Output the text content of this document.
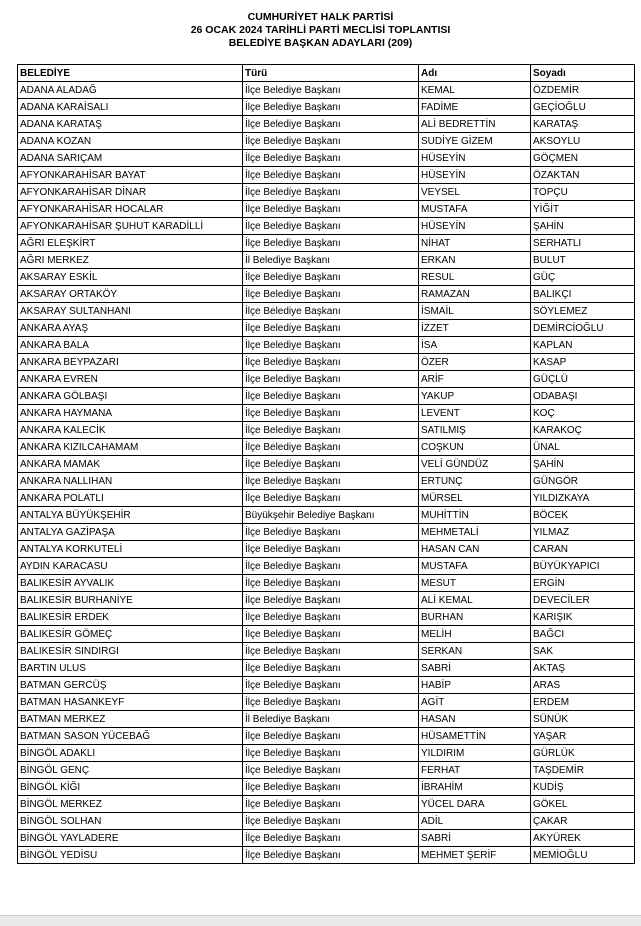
CUMHURİYET HALK PARTİSİ
26 OCAK 2024 TARİHLİ PARTİ MECLİSİ TOPLANTISI
BELEDİYE BAŞKAN ADAYLARI (209)
BELEDİYE	Türü	Adı	Soyadı
ADANA ALADAĞ	İlçe Belediye Başkanı	KEMAL	ÖZDEMİR
ADANA KARAİSALI	İlçe Belediye Başkanı	FADİME	GEÇİOĞLU
ADANA KARATAŞ	İlçe Belediye Başkanı	ALİ BEDRETTİN	KARATAŞ
ADANA KOZAN	İlçe Belediye Başkanı	SUDİYE GİZEM	AKSOYLU
ADANA SARIÇAM	İlçe Belediye Başkanı	HÜSEYİN	GÖÇMEN
AFYONKARAHİSAR BAYAT	İlçe Belediye Başkanı	HÜSEYİN	ÖZAKTAN
AFYONKARAHİSAR DİNAR	İlçe Belediye Başkanı	VEYSEL	TOPÇU
AFYONKARAHİSAR HOCALAR	İlçe Belediye Başkanı	MUSTAFA	YİĞİT
AFYONKARAHİSAR ŞUHUT KARADİLLİ	İlçe Belediye Başkanı	HÜSEYİN	ŞAHİN
AĞRI ELEŞKİRT	İlçe Belediye Başkanı	NİHAT	SERHATLI
AĞRI MERKEZ	İl Belediye Başkanı	ERKAN	BULUT
AKSARAY ESKİL	İlçe Belediye Başkanı	RESUL	GÜÇ
AKSARAY ORTAKÖY	İlçe Belediye Başkanı	RAMAZAN	BALIKÇI
AKSARAY SULTANHANI	İlçe Belediye Başkanı	İSMAİL	SÖYLEMEZ
ANKARA AYAŞ	İlçe Belediye Başkanı	İZZET	DEMİRCİOĞLU
ANKARA BALA	İlçe Belediye Başkanı	İSA	KAPLAN
ANKARA BEYPAZARI	İlçe Belediye Başkanı	ÖZER	KASAP
ANKARA EVREN	İlçe Belediye Başkanı	ARİF	GÜÇLÜ
ANKARA GÖLBAŞI	İlçe Belediye Başkanı	YAKUP	ODABAŞI
ANKARA HAYMANA	İlçe Belediye Başkanı	LEVENT	KOÇ
ANKARA KALECİK	İlçe Belediye Başkanı	SATILMIŞ	KARAKOÇ
ANKARA KIZILCAHAMAM	İlçe Belediye Başkanı	COŞKUN	ÜNAL
ANKARA MAMAK	İlçe Belediye Başkanı	VELİ GÜNDÜZ	ŞAHİN
ANKARA NALLIHAN	İlçe Belediye Başkanı	ERTUNÇ	GÜNGÖR
ANKARA POLATLI	İlçe Belediye Başkanı	MÜRSEL	YILDIZKAYA
ANTALYA BÜYÜKŞEHİR	Büyükşehir Belediye Başkanı	MUHİTTİN	BÖCEK
ANTALYA GAZİPAŞA	İlçe Belediye Başkanı	MEHMETALİ	YILMAZ
ANTALYA KORKUTELİ	İlçe Belediye Başkanı	HASAN CAN	CARAN
AYDIN KARACASU	İlçe Belediye Başkanı	MUSTAFA	BÜYÜKYAPICI
BALIKESİR AYVALIK	İlçe Belediye Başkanı	MESUT	ERGİN
BALIKESİR BURHANİYE	İlçe Belediye Başkanı	ALİ KEMAL	DEVECİLER
BALIKESİR ERDEK	İlçe Belediye Başkanı	BURHAN	KARIŞIK
BALIKESİR GÖMEÇ	İlçe Belediye Başkanı	MELİH	BAĞCI
BALIKESİR SINDIRGI	İlçe Belediye Başkanı	SERKAN	SAK
BARTIN ULUS	İlçe Belediye Başkanı	SABRİ	AKTAŞ
BATMAN GERCÜŞ	İlçe Belediye Başkanı	HABİP	ARAS
BATMAN HASANKEYF	İlçe Belediye Başkanı	AGİT	ERDEM
BATMAN MERKEZ	İl Belediye Başkanı	HASAN	SÜNÜK
BATMAN SASON YÜCEBAĞ	İlçe Belediye Başkanı	HÜSAMETTİN	YAŞAR
BİNGÖL ADAKLI	İlçe Belediye Başkanı	YILDIRIM	GÜRLÜK
BİNGÖL GENÇ	İlçe Belediye Başkanı	FERHAT	TAŞDEMİR
BİNGÖL KİĞI	İlçe Belediye Başkanı	İBRAHİM	KUDİŞ
BİNGÖL MERKEZ	İlçe Belediye Başkanı	YÜCEL DARA	GÖKEL
BİNGÖL SOLHAN	İlçe Belediye Başkanı	ADİL	ÇAKAR
BİNGÖL YAYLADERE	İlçe Belediye Başkanı	SABRİ	AKYÜREK
BİNGÖL YEDİSU	İlçe Belediye Başkanı	MEHMET ŞERİF	MEMİOĞLU
